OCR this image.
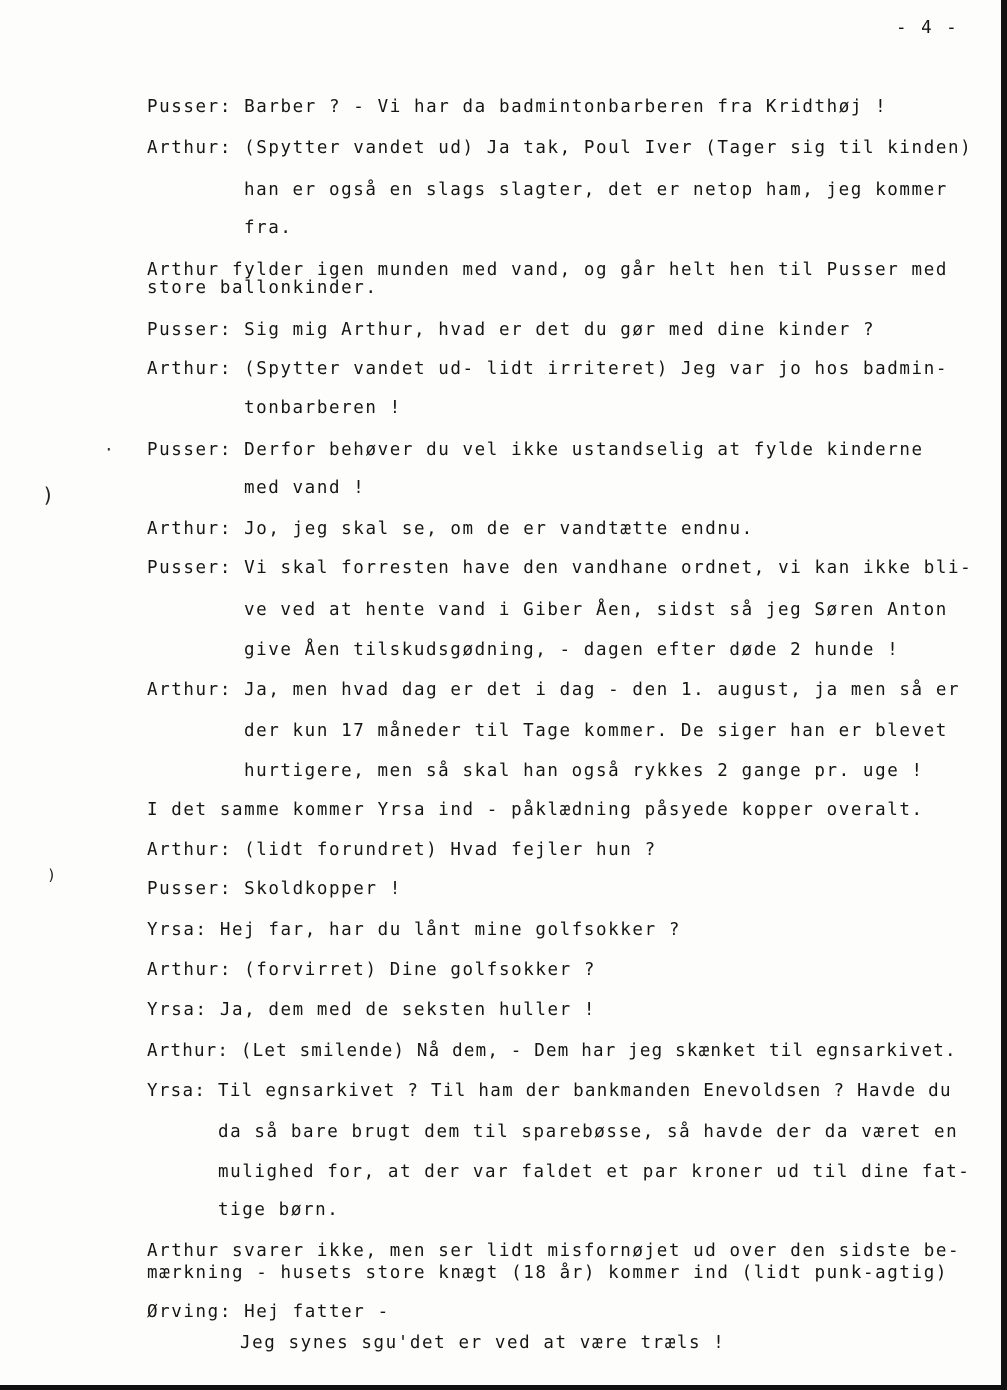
- 4 -
·
)
)
Pusser: Barber ? - Vi har da badmintonbarberen fra Kridthøj !
Arthur: (Spytter vandet ud) Ja tak, Poul Iver (Tager sig til kinden)
han er også en slags slagter, det er netop ham, jeg kommer
fra.
Arthur fylder igen munden med vand, og går helt hen til Pusser med
store ballonkinder.
Pusser: Sig mig Arthur, hvad er det du gør med dine kinder ?
Arthur: (Spytter vandet ud- lidt irriteret) Jeg var jo hos badmin-
tonbarberen !
Pusser: Derfor behøver du vel ikke ustandselig at fylde kinderne
med vand !
Arthur: Jo, jeg skal se, om de er vandtætte endnu.
Pusser: Vi skal forresten have den vandhane ordnet, vi kan ikke bli-
ve ved at hente vand i Giber Åen, sidst så jeg Søren Anton
give Åen tilskudsgødning, - dagen efter døde 2 hunde !
Arthur: Ja, men hvad dag er det i dag - den 1. august, ja men så er
der kun 17 måneder til Tage kommer. De siger han er blevet
hurtigere, men så skal han også rykkes 2 gange pr. uge !
I det samme kommer Yrsa ind - påklædning påsyede kopper overalt.
Arthur: (lidt forundret) Hvad fejler hun ?
Pusser: Skoldkopper !
Yrsa: Hej far, har du lånt mine golfsokker ?
Arthur: (forvirret) Dine golfsokker ?
Yrsa: Ja, dem med de seksten huller !
Arthur: (Let smilende) Nå dem, - Dem har jeg skænket til egnsarkivet.
Yrsa: Til egnsarkivet ? Til ham der bankmanden Enevoldsen ? Havde du
da så bare brugt dem til sparebøsse, så havde der da været en
mulighed for, at der var faldet et par kroner ud til dine fat-
tige børn.
Arthur svarer ikke, men ser lidt misfornøjet ud over den sidste be-
mærkning - husets store knægt (18 år) kommer ind (lidt punk-agtig)
Ørving: Hej fatter -
Jeg synes sgu'det er ved at være træls !
